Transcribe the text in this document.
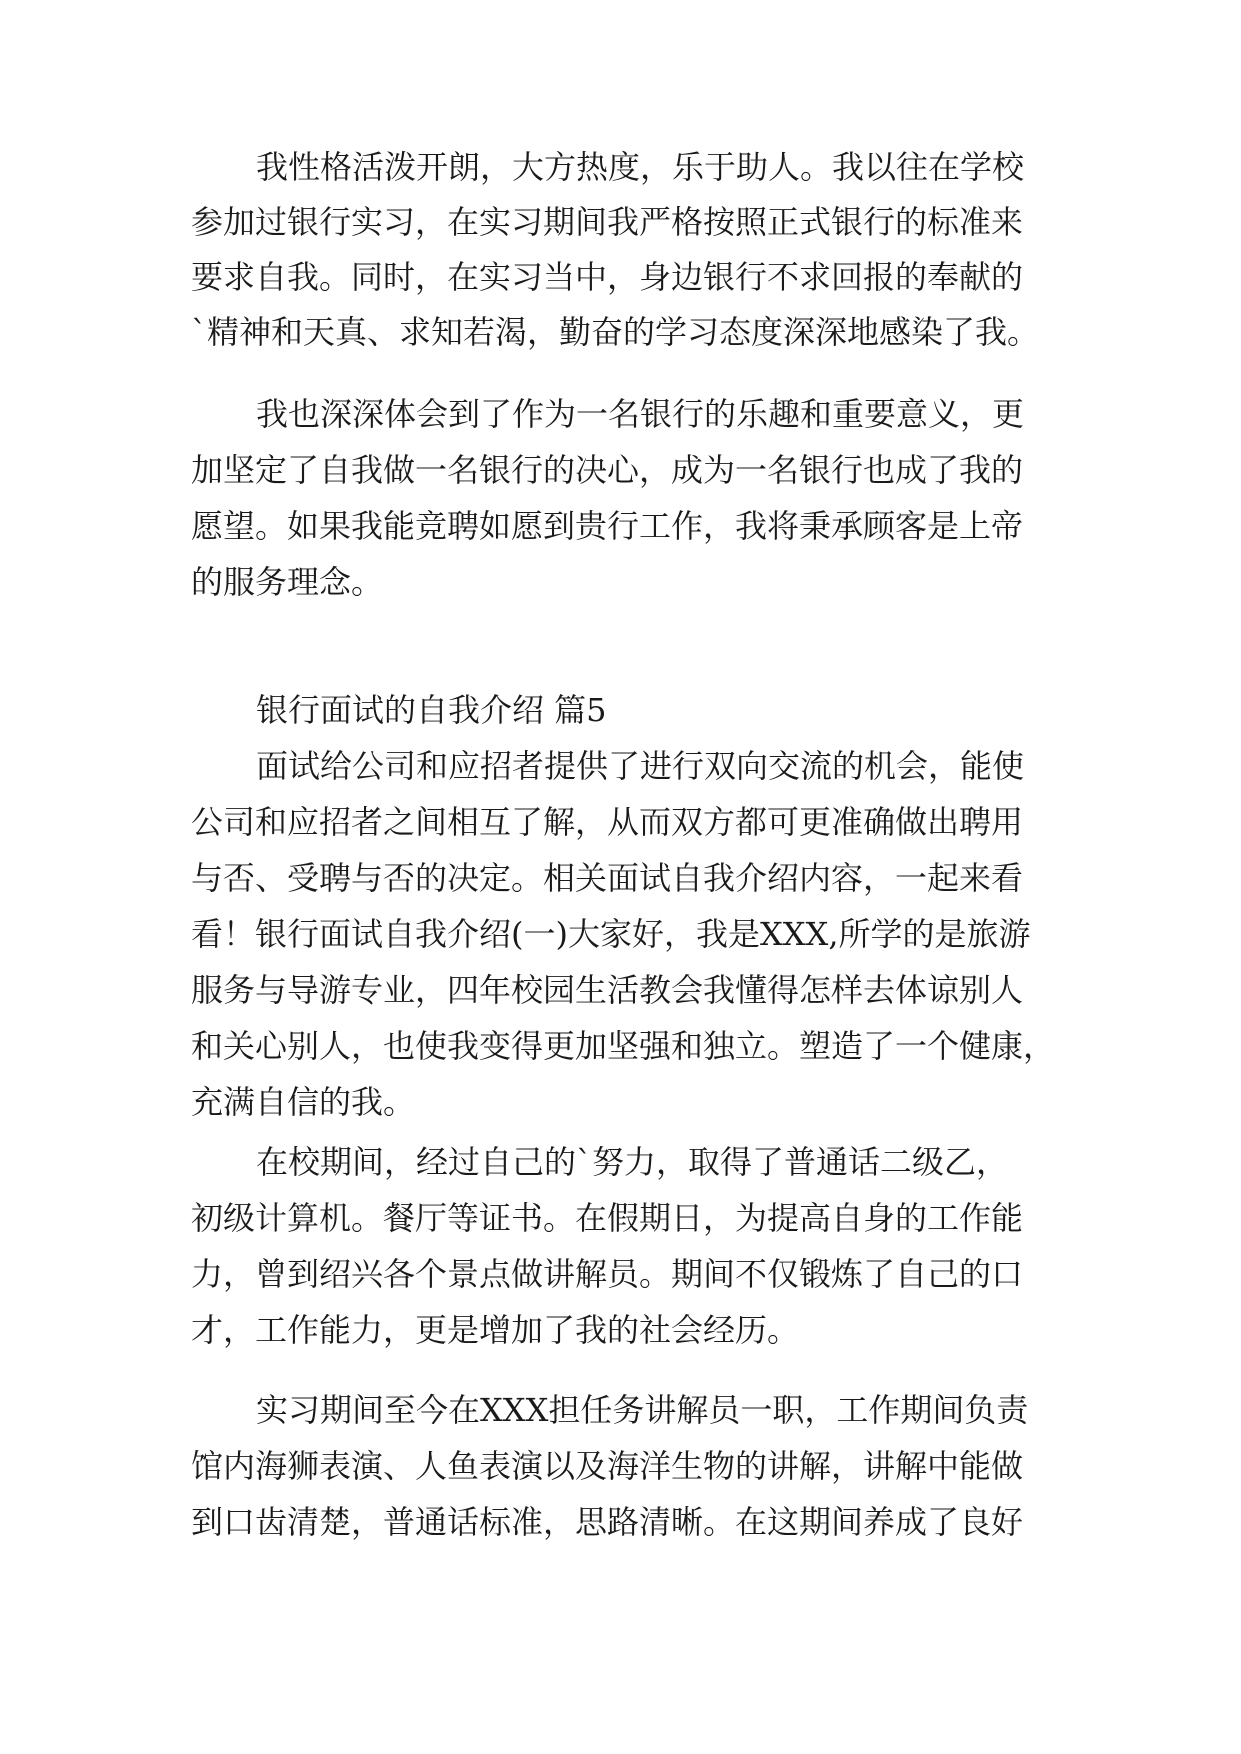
我性格活泼开朗，大方热度，乐于助人。我以往在学校
参加过银行实习，在实习期间我严格按照正式银行的标准来
要求自我。同时，在实习当中，身边银行不求回报的奉献的
`精神和天真、求知若渴，勤奋的学习态度深深地感染了我。
我也深深体会到了作为一名银行的乐趣和重要意义，更
加坚定了自我做一名银行的决心，成为一名银行也成了我的
愿望。如果我能竞聘如愿到贵行工作，我将秉承顾客是上帝
的服务理念。
银行面试的自我介绍 篇5
面试给公司和应招者提供了进行双向交流的机会，能使
公司和应招者之间相互了解，从而双方都可更准确做出聘用
与否、受聘与否的决定。相关面试自我介绍内容，一起来看
看！银行面试自我介绍(一)大家好，我是XXX,所学的是旅游
服务与导游专业，四年校园生活教会我懂得怎样去体谅别人
和关心别人，也使我变得更加坚强和独立。塑造了一个健康，
充满自信的我。
在校期间，经过自己的`努力，取得了普通话二级乙，
初级计算机。餐厅等证书。在假期日，为提高自身的工作能
力，曾到绍兴各个景点做讲解员。期间不仅锻炼了自己的口
才，工作能力，更是增加了我的社会经历。
实习期间至今在XXX担任务讲解员一职，工作期间负责
馆内海狮表演、人鱼表演以及海洋生物的讲解，讲解中能做
到口齿清楚，普通话标准，思路清晰。在这期间养成了良好
